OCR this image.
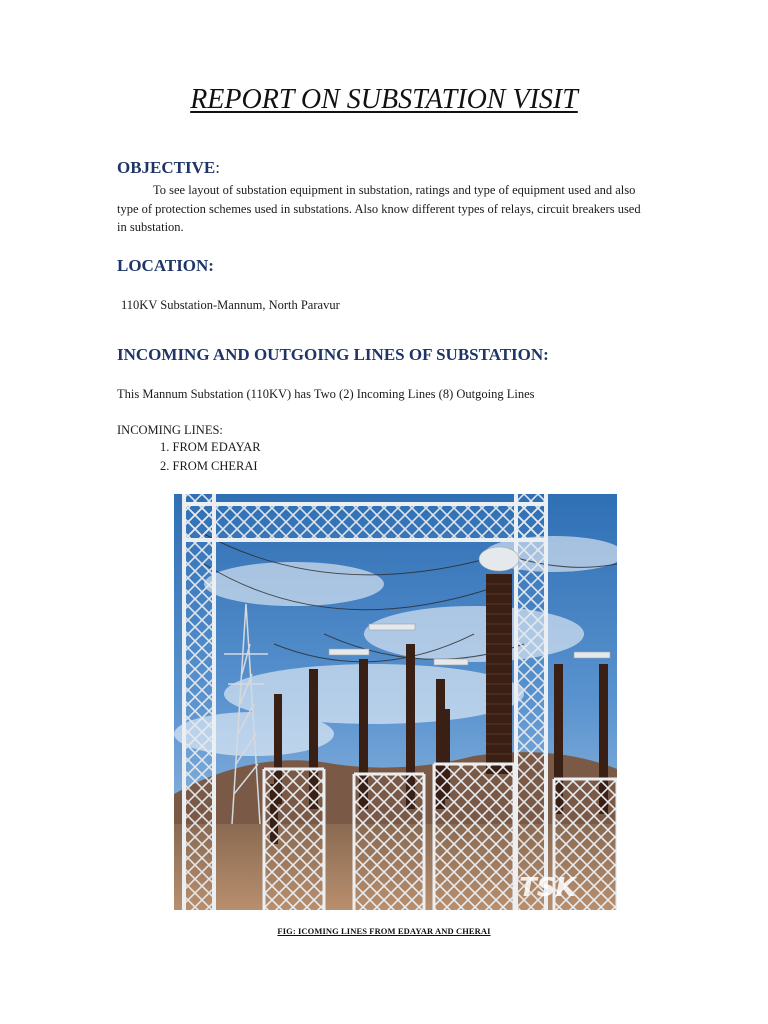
REPORT ON SUBSTATION VISIT
OBJECTIVE:
To see layout of substation equipment in substation, ratings and type of equipment used and also type of protection schemes used in substations. Also know different types of relays, circuit breakers used in substation.
LOCATION:
110KV Substation-Mannum, North Paravur
INCOMING AND OUTGOING LINES OF SUBSTATION:
This Mannum Substation (110KV) has Two (2) Incoming Lines (8) Outgoing Lines
INCOMING LINES:
1. FROM EDAYAR
2. FROM CHERAI
TSK
FIG: ICOMING LINES FROM EDAYAR AND CHERAI
